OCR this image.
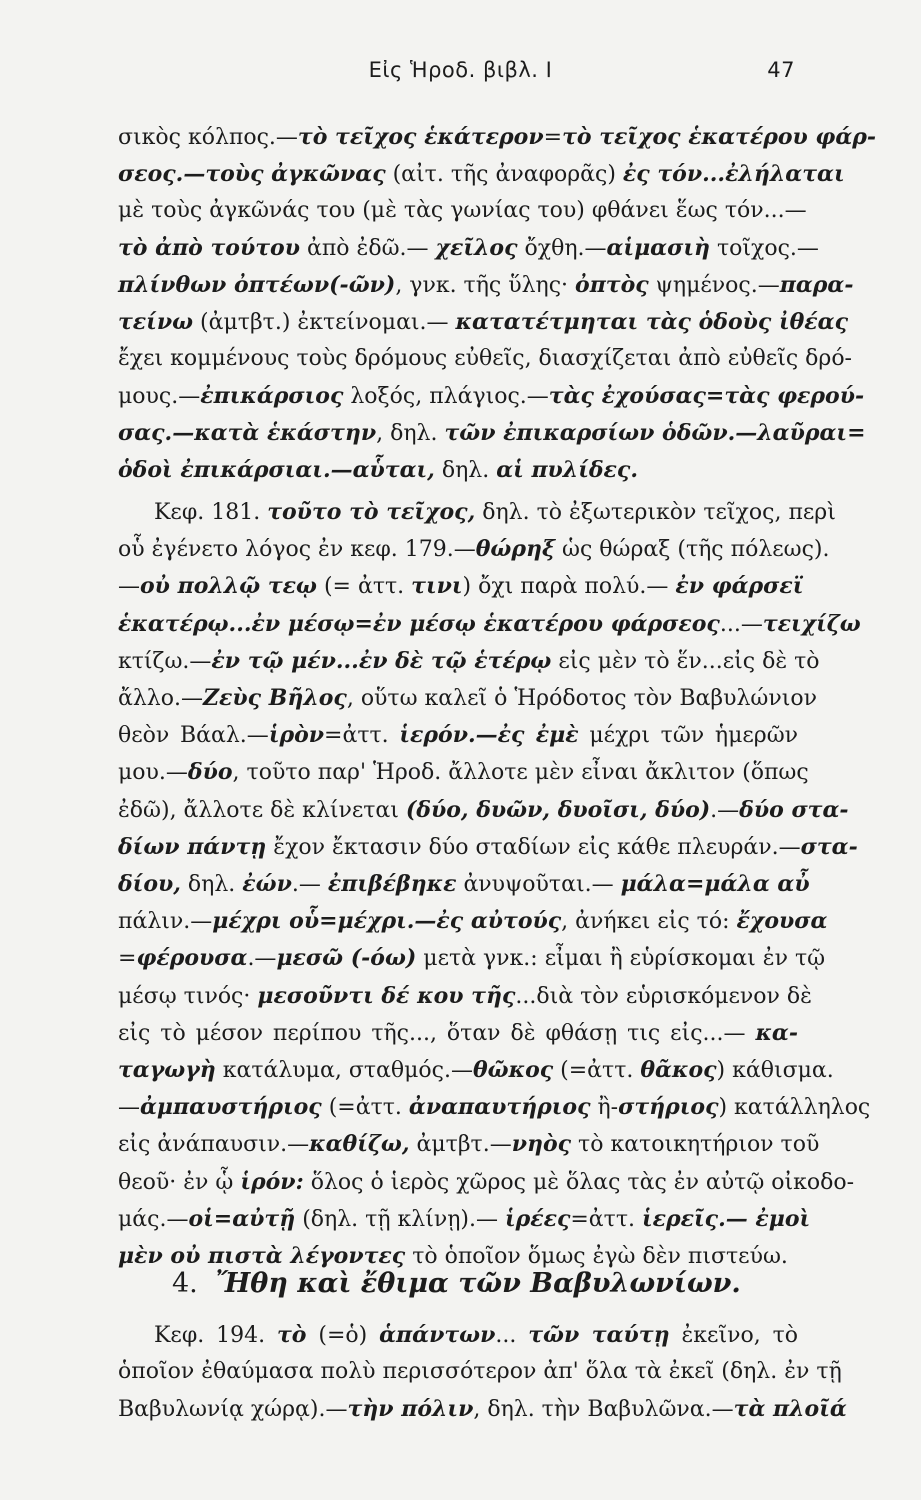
Εἰς Ἡροδ. βιβλ. Ι	47
σικὸς κόλπος.—τὸ τεῖχος ἑκάτερον=τὸ τεῖχος ἑκατέρου φάρ-
σεος.—τοὺς ἀγκῶνας (αἰτ. τῆς ἀναφορᾶς) ἐς τόν...ἐλήλαται
μὲ τοὺς ἀγκῶνάς του (μὲ τὰς γωνίας του) φθάνει ἕως τόν...—
τὸ ἀπὸ τούτου ἀπὸ ἐδῶ.— χεῖλος ὄχθη.—αἱμασιὴ τοῖχος.—
πλίνθων ὀπτέων(-ῶν), γνκ. τῆς ὕλης· ὀπτὸς ψημένος.—παρα-
τείνω (ἀμτβτ.) ἐκτείνομαι.— κατατέτμηται τὰς ὁδοὺς ἰθέας
ἔχει κομμένους τοὺς δρόμους εὐθεῖς, διασχίζεται ἀπὸ εὐθεῖς δρό-
μους.—ἐπικάρσιος λοξός, πλάγιος.—τὰς ἐχούσας=τὰς φερού-
σας.—κατὰ ἑκάστην, δηλ. τῶν ἐπικαρσίων ὁδῶν.—λαῦραι=
ὁδοὶ ἐπικάρσιαι.—αὗται, δηλ. αἱ πυλίδες.
Κεφ. 181. τοῦτο τὸ τεῖχος, δηλ. τὸ ἐξωτερικὸν τεῖχος, περὶ
οὗ ἐγένετο λόγος ἐν κεφ. 179.—θώρηξ ὡς θώραξ (τῆς πόλεως).
—οὐ πολλῷ τεῳ (= ἀττ. τινι) ὄχι παρὰ πολύ.— ἐν φάρσεϊ
ἑκατέρῳ...ἐν μέσῳ=ἐν μέσῳ ἑκατέρου φάρσεος...—τειχίζω
κτίζω.—ἐν τῷ μέν...ἐν δὲ τῷ ἑτέρῳ εἰς μὲν τὸ ἕν...εἰς δὲ τὸ
ἄλλο.—Ζεὺς Βῆλος, οὕτω καλεῖ ὁ Ἡρόδοτος τὸν Βαβυλώνιον
θεὸν Βάαλ.—ἱρὸν=ἀττ. ἱερόν.—ἐς ἐμὲ μέχρι τῶν ἡμερῶν
μου.—δύο, τοῦτο παρ' Ἡροδ. ἄλλοτε μὲν εἶναι ἄκλιτον (ὅπως
ἐδῶ), ἄλλοτε δὲ κλίνεται (δύο, δυῶν, δυοῖσι, δύο).—δύο στα-
δίων πάντῃ ἔχον ἔκτασιν δύο σταδίων εἰς κάθε πλευράν.—στα-
δίου, δηλ. ἐών.— ἐπιβέβηκε ἀνυψοῦται.— μάλα=μάλα αὖ
πάλιν.—μέχρι οὗ=μέχρι.—ἐς αὐτούς, ἀνήκει εἰς τό: ἔχουσα
=φέρουσα.—μεσῶ (-όω) μετὰ γνκ.: εἶμαι ἢ εὑρίσκομαι ἐν τῷ
μέσῳ τινός· μεσοῦντι δέ κου τῆς...διὰ τὸν εὑρισκόμενον δὲ
εἰς τὸ μέσον περίπου τῆς..., ὅταν δὲ φθάσῃ τις εἰς...— κα-
ταγωγὴ κατάλυμα, σταθμός.—θῶκος (=ἀττ. θᾶκος) κάθισμα.
—ἀμπαυστήριος (=ἀττ. ἀναπαυτήριος ἢ-στήριος) κατάλληλος
εἰς ἀνάπαυσιν.—καθίζω, ἀμτβτ.—νηὸς τὸ κατοικητήριον τοῦ
θεοῦ· ἐν ᾧ ἱρόν: ὅλος ὁ ἱερὸς χῶρος μὲ ὅλας τὰς ἐν αὐτῷ οἰκοδο-
μάς.—οἱ=αὐτῇ (δηλ. τῇ κλίνῃ).— ἱρέες=ἀττ. ἱερεῖς.— ἐμοὶ
μὲν οὐ πιστὰ λέγοντες τὸ ὁποῖον ὅμως ἐγὼ δὲν πιστεύω.
Κεφ. 194. τὸ (=ὁ) ἁπάντων... τῶν ταύτῃ ἐκεῖνο, τὸ
ὁποῖον ἐθαύμασα πολὺ περισσότερον ἀπ' ὅλα τὰ ἐκεῖ (δηλ. ἐν τῇ
Βαβυλωνίᾳ χώρᾳ).—τὴν πόλιν, δηλ. τὴν Βαβυλῶνα.—τὰ πλοῖά
4. Ἤθη καὶ ἔθιμα τῶν Βαβυλωνίων.
